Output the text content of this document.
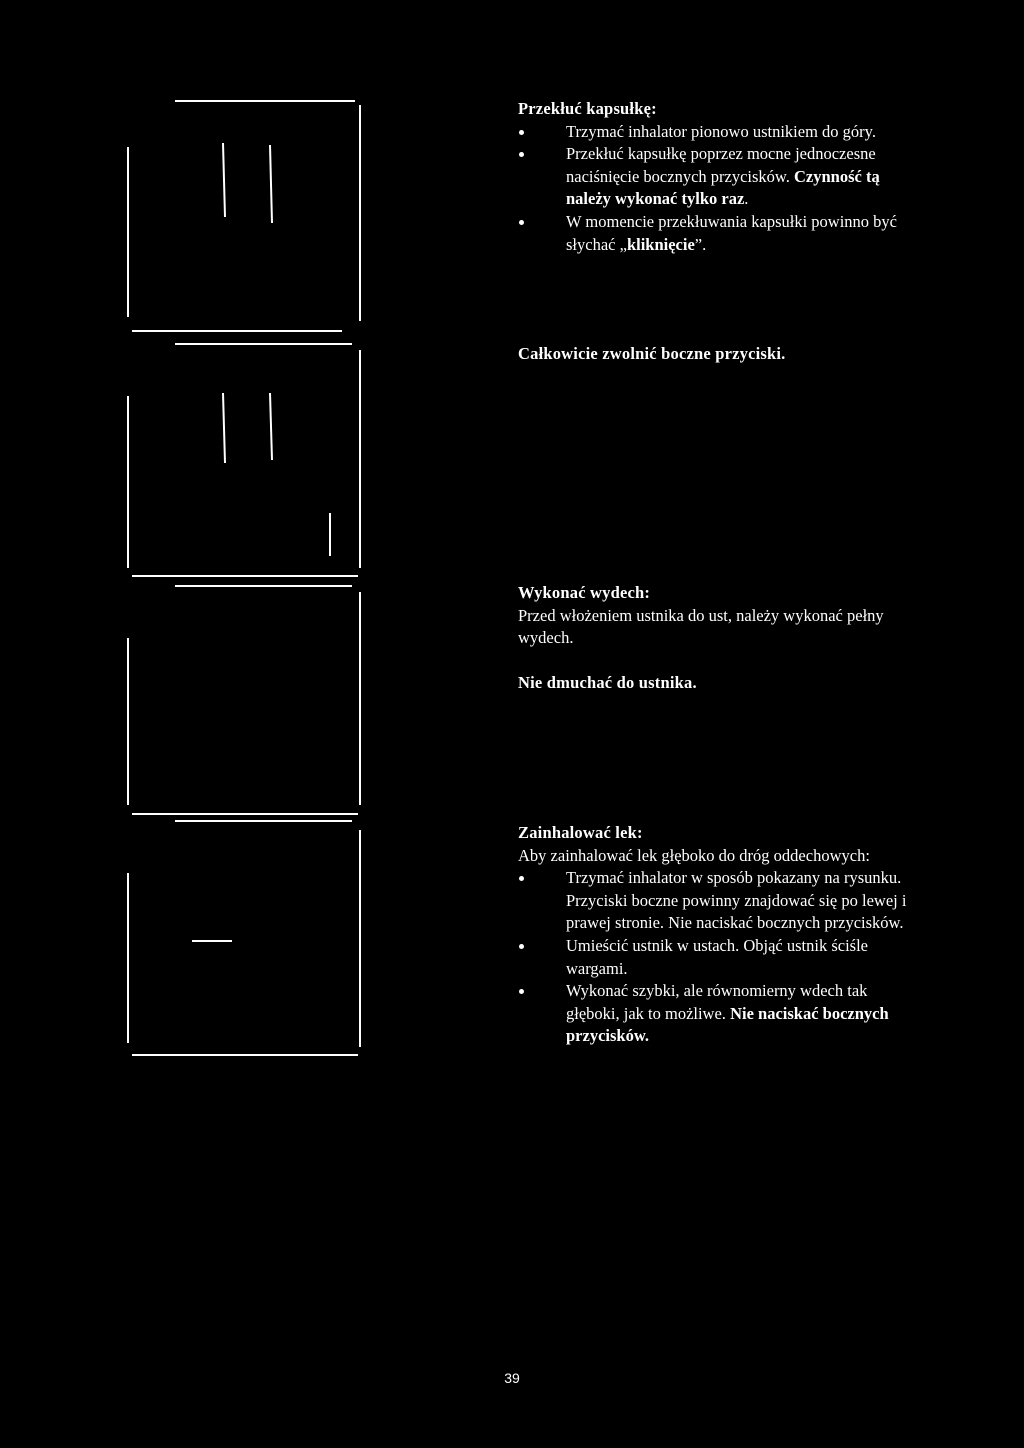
Przekłuć kapsułkę:
Trzymać inhalator pionowo ustnikiem do góry.
Przekłuć kapsułkę poprzez mocne jednoczesne naciśnięcie bocznych przycisków. Czynność tą należy wykonać tylko raz.
W momencie przekłuwania kapsułki powinno być słychać „kliknięcie”.
Całkowicie zwolnić boczne przyciski.
Wykonać wydech:

Przed włożeniem ustnika do ust, należy wykonać pełny wydech.

Nie dmuchać do ustnika.

Zainhalować lek:

Aby zainhalować lek głęboko do dróg oddechowych:

Trzymać inhalator w sposób pokazany na rysunku. Przyciski boczne powinny znajdować się po lewej i prawej stronie. Nie naciskać bocznych przycisków.
Umieścić ustnik w ustach. Objąć ustnik ściśle wargami.
Wykonać szybki, ale równomierny wdech tak głęboki, jak to możliwe. Nie naciskać bocznych przycisków.
39
